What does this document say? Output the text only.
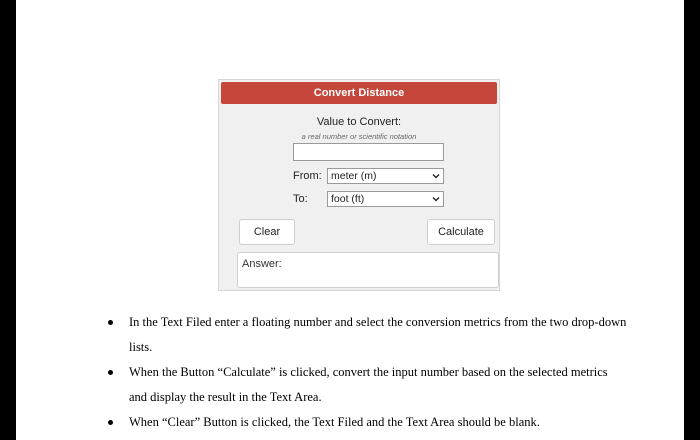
Convert Distance
Value to Convert:
a real number or scientific notation
From: meter (m)
To:	foot (ft)
Clear	Calculate
Answer:
In the Text Filed enter a floating number and select the conversion metrics from the two drop-down lists.
When the Button “Calculate” is clicked, convert the input number based on the selected metrics and display the result in the Text Area.
When “Clear” Button is clicked, the Text Filed and the Text Area should be blank.
